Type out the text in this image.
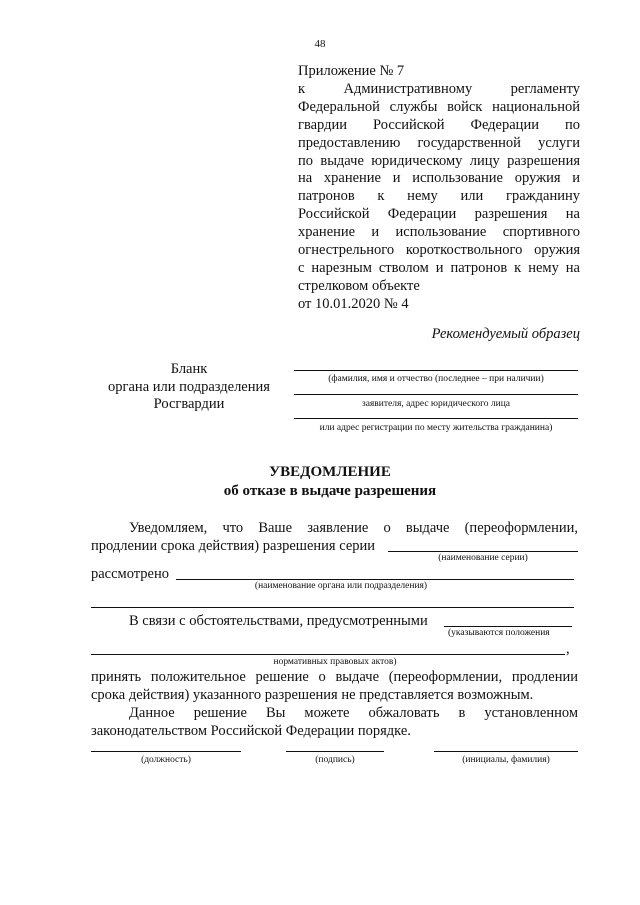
48
Приложение № 7
к Административному регламенту
Федеральной службы войск национальной
гвардии Российской Федерации по
предоставлению государственной услуги
по выдаче юридическому лицу разрешения
на хранение и использование оружия и
патронов к нему или гражданину
Российской Федерации разрешения на
хранение и использование спортивного
огнестрельного короткоствольного оружия
с нарезным стволом и патронов к нему на
стрелковом объекте
от 10.01.2020 № 4
Рекомендуемый образец
Бланк
органа или подразделения
Росгвардии
(фамилия, имя и отчество (последнее – при наличии)
заявителя, адрес юридического лица
или адрес регистрации по месту жительства гражданина)
УВЕДОМЛЕНИЕ
об отказе в выдаче разрешения
Уведомляем, что Ваше заявление о выдаче (переоформлении,
продлении срока действия) разрешения серии
(наименование серии)
рассмотрено
(наименование органа или подразделения)
В связи с обстоятельствами, предусмотренными
(указываются положения
,
нормативных правовых актов)
принять положительное решение о выдаче (переоформлении, продлении
срока действия) указанного разрешения не представляется возможным.
Данное решение Вы можете обжаловать в установленном
законодательством Российской Федерации порядке.
(должность)	(подпись)	(инициалы, фамилия)
